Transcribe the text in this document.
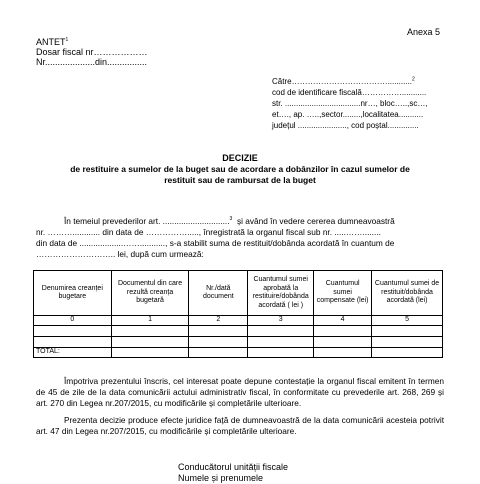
Anexa 5
ANTET$^1$
Dosar fiscal nr………………
Nr....................din................
Către………………………………...........$^2$
cod de identificare fiscală……………...........
str. ..................................nr…, bloc…..,sc…,
et…., ap. …..,sector........,localitatea...........
județul ......................, cod poștal..............
DECIZIE
de restituire a sumelor de la buget sau de acordare a dobânzilor în cazul sumelor de restituit sau de rambursat de la buget
În temeiul prevederilor art. .............................$^3$ și având în vedere cererea dumneavoastră
nr. ………............ din data de ……………....., înregistrată la organul fiscal sub nr. .....……........
din data de ...................……..........., s-a stabilit suma de restituit/dobânda acordată în cuantum de
……………………….. lei, după cum urmează:
Denumirea creanței bugetare	Documentul din care rezultă creanța bugetară	Nr./dată document	Cuantumul sumei aprobată la restituire/dobânda acordată ( lei )	Cuantumul sumei compensate (lei)	Cuantumul sumei de restituit/dobânda acordată (lei)
0	1	2	3	4	5

TOTAL:					
Împotriva prezentului înscris, cel interesat poate depune contestație la organul fiscal emitent în termen de 45 de zile de la data comunicării actului administrativ fiscal, în conformitate cu prevederile art. 268, 269 și art. 270 din Legea nr.207/2015, cu modificările și completările ulterioare.
Prezenta decizie produce efecte juridice față de dumneavoastră de la data comunicării acesteia potrivit art. 47 din Legea nr.207/2015, cu modificările și completările ulterioare.
Conducătorul unității fiscale
Numele și prenumele
